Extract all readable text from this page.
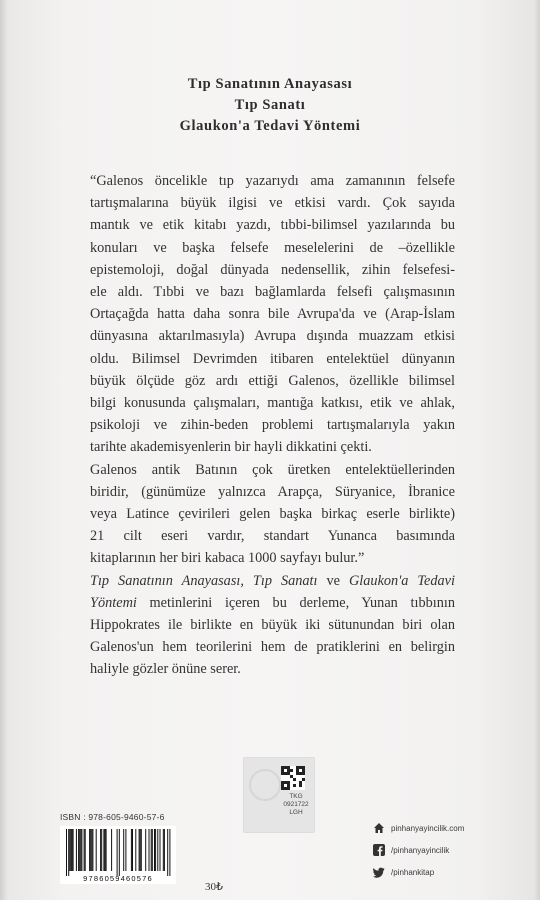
Tıp Sanatının Anayasası
Tıp Sanatı
Glaukon'a Tedavi Yöntemi
“Galenos öncelikle tıp yazarıydı ama zamanının felsefe
tartışmalarına büyük ilgisi ve etkisi vardı. Çok sayıda
mantık ve etik kitabı yazdı, tıbbi-bilimsel yazılarında bu
konuları ve başka felsefe meselelerini de –özellikle
epistemoloji, doğal dünyada nedensellik, zihin felsefesi-
ele aldı. Tıbbi ve bazı bağlamlarda felsefi çalışmasının
Ortaçağda hatta daha sonra bile Avrupa'da ve (Arap-İslam
dünyasına aktarılmasıyla) Avrupa dışında muazzam etkisi
oldu. Bilimsel Devrimden itibaren entelektüel dünyanın
büyük ölçüde göz ardı ettiği Galenos, özellikle bilimsel
bilgi konusunda çalışmaları, mantığa katkısı, etik ve ahlak,
psikoloji ve zihin-beden problemi tartışmalarıyla yakın
tarihte akademisyenlerin bir hayli dikkatini çekti.
Galenos antik Batının çok üretken entelektüellerinden
biridir, (günümüze yalnızca Arapça, Süryanice, İbranice
veya Latince çevirileri gelen başka birkaç eserle birlikte)
21 cilt eseri vardır, standart Yunanca basımında
kitaplarının her biri kabaca 1000 sayfayı bulur.”
Tıp Sanatının Anayasası, Tıp Sanatı ve Glaukon'a Tedavi
Yöntemi metinlerini içeren bu derleme, Yunan tıbbının
Hippokrates ile birlikte en büyük iki sütunundan biri olan
Galenos'un hem teorilerini hem de pratiklerini en belirgin
haliyle gözler önüne serer.
TKG
0921722
LGH
ISBN : 978-605-9460-57-6
9786059460576
30₺
pinhanyayincilik.com
/pinhanyayincilik
/pinhankitap
